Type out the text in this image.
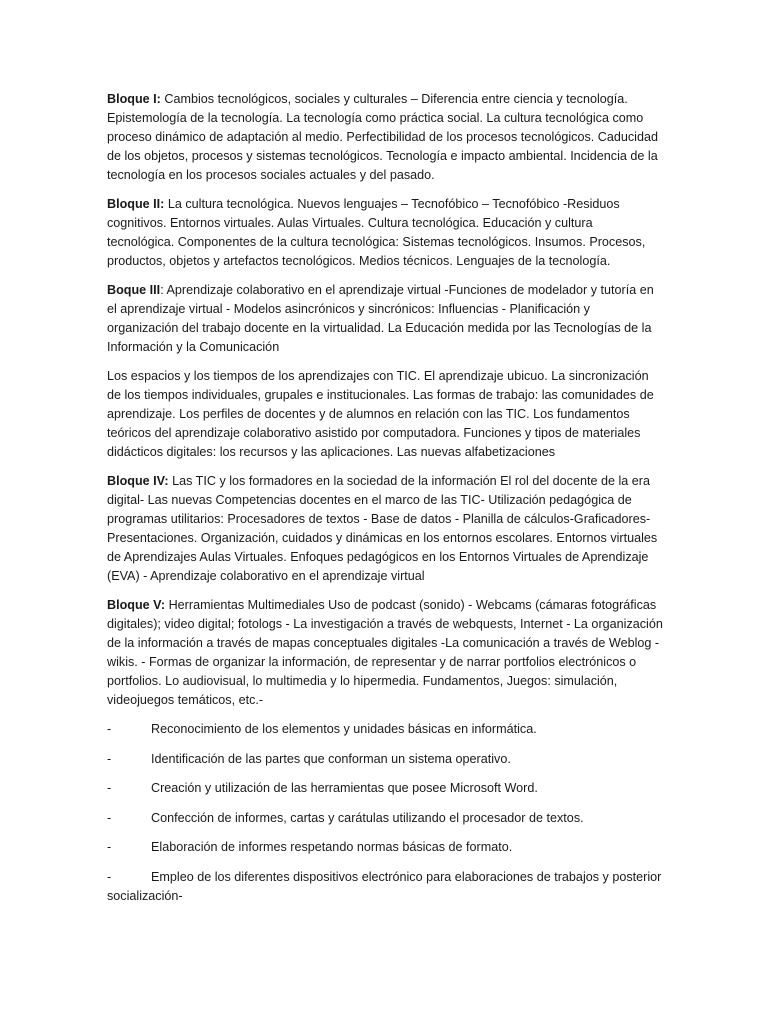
Bloque I: Cambios tecnológicos, sociales y culturales – Diferencia entre ciencia y tecnología. Epistemología de la tecnología. La tecnología como práctica social. La cultura tecnológica como proceso dinámico de adaptación al medio. Perfectibilidad de los procesos tecnológicos. Caducidad de los objetos, procesos y sistemas tecnológicos. Tecnología e impacto ambiental. Incidencia de la tecnología en los procesos sociales actuales y del pasado.

Bloque II: La cultura tecnológica. Nuevos lenguajes – Tecnofóbico – Tecnofóbico -Residuos cognitivos. Entornos virtuales. Aulas Virtuales. Cultura tecnológica. Educación y cultura tecnológica. Componentes de la cultura tecnológica: Sistemas tecnológicos. Insumos. Procesos, productos, objetos y artefactos tecnológicos. Medios técnicos. Lenguajes de la tecnología.

Boque III: Aprendizaje colaborativo en el aprendizaje virtual -Funciones de modelador y tutoría en el aprendizaje virtual - Modelos asincrónicos y sincrónicos: Influencias - Planificación y organización del trabajo docente en la virtualidad. La Educación medida por las Tecnologías de la Información y la Comunicación

Los espacios y los tiempos de los aprendizajes con TIC. El aprendizaje ubicuo. La sincronización de los tiempos individuales, grupales e institucionales. Las formas de trabajo: las comunidades de aprendizaje. Los perfiles de docentes y de alumnos en relación con las TIC. Los fundamentos teóricos del aprendizaje colaborativo asistido por computadora. Funciones y tipos de materiales didácticos digitales: los recursos y las aplicaciones. Las nuevas alfabetizaciones

Bloque IV: Las TIC y los formadores en la sociedad de la información El rol del docente de la era digital- Las nuevas Competencias docentes en el marco de las TIC- Utilización pedagógica de programas utilitarios: Procesadores de textos - Base de datos - Planilla de cálculos-Graficadores-Presentaciones. Organización, cuidados y dinámicas en los entornos escolares. Entornos virtuales de Aprendizajes Aulas Virtuales. Enfoques pedagógicos en los Entornos Virtuales de Aprendizaje (EVA) - Aprendizaje colaborativo en el aprendizaje virtual

Bloque V: Herramientas Multimediales Uso de podcast (sonido) - Webcams (cámaras fotográficas digitales); video digital; fotologs - La investigación a través de webquests, Internet - La organización de la información a través de mapas conceptuales digitales -La comunicación a través de Weblog -wikis. - Formas de organizar la información, de representar y de narrar portfolios electrónicos o portfolios. Lo audiovisual, lo multimedia y lo hipermedia. Fundamentos, Juegos: simulación, videojuegos temáticos, etc.-

-	Reconocimiento de los elementos y unidades básicas en informática.

-	Identificación de las partes que conforman un sistema operativo.

-	Creación y utilización de las herramientas que posee Microsoft Word.

-	Confección de informes, cartas y carátulas utilizando el procesador de textos.

-	Elaboración de informes respetando normas básicas de formato.

-	Empleo de los diferentes dispositivos electrónico para elaboraciones de trabajos y posterior socialización-
